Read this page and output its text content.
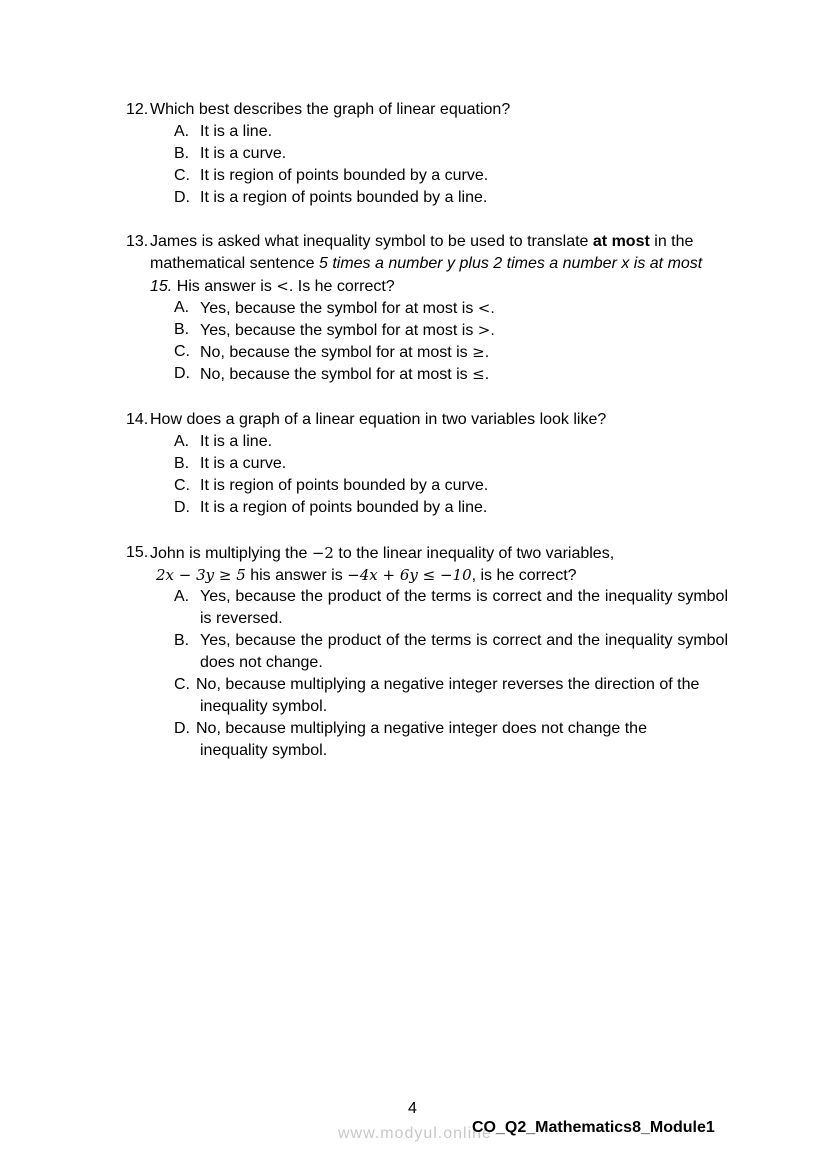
12. Which best describes the graph of linear equation?
A. It is a line.
B. It is a curve.
C. It is region of points bounded by a curve.
D. It is a region of points bounded by a line.
13. James is asked what inequality symbol to be used to translate at most in the
mathematical sentence 5 times a number y plus 2 times a number x is at most
15. His answer is <. Is he correct?
A. Yes, because the symbol for at most is <.
B. Yes, because the symbol for at most is >.
C. No, because the symbol for at most is ≥.
D. No, because the symbol for at most is ≤.
14. How does a graph of a linear equation in two variables look like?
A. It is a line.
B. It is a curve.
C. It is region of points bounded by a curve.
D. It is a region of points bounded by a line.
15. John is multiplying the −2 to the linear inequality of two variables,
2x − 3y ≥ 5 his answer is −4x + 6y ≤ −10, is he correct?
A. Yes, because the product of the terms is correct and the inequality symbol is reversed.
B. Yes, because the product of the terms is correct and the inequality symbol does not change.
C. No, because multiplying a negative integer reverses the direction of the
inequality symbol.
D. No, because multiplying a negative integer does not change the
inequality symbol.
4
www.modyul.online
CO_Q2_Mathematics8_Module1
